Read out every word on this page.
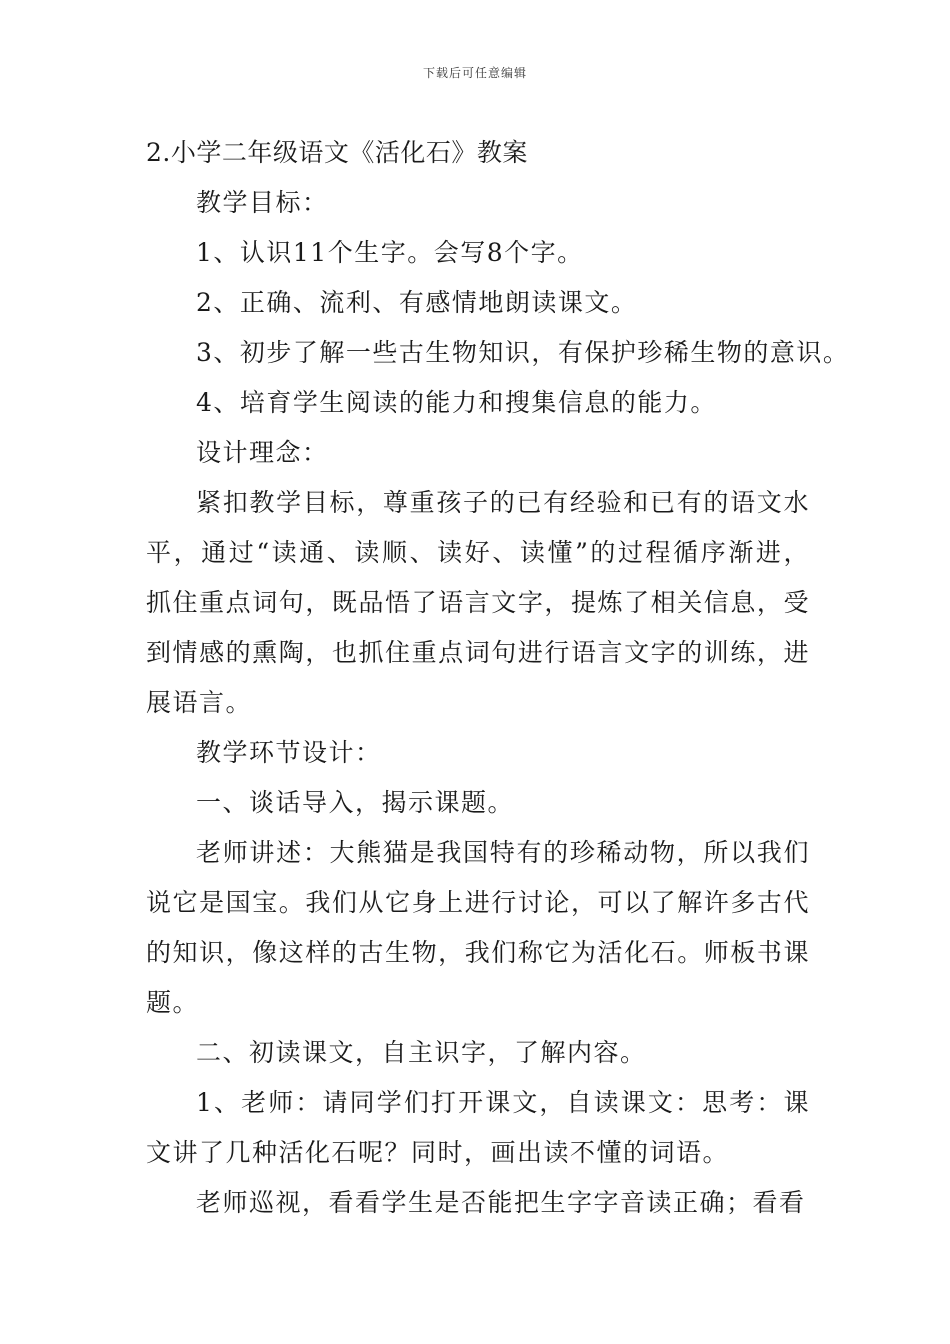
下载后可任意编辑

2.小学二年级语文《活化石》教案

教学目标：

1、认识11个生字。会写8个字。

2、正确、流利、有感情地朗读课文。

3、初步了解一些古生物知识，有保护珍稀生物的意识。

4、培育学生阅读的能力和搜集信息的能力。

设计理念：

紧扣教学目标，尊重孩子的已有经验和已有的语文水平，通过“读通、读顺、读好、读懂”的过程循序渐进，抓住重点词句，既品悟了语言文字，提炼了相关信息，受到情感的熏陶，也抓住重点词句进行语言文字的训练，进展语言。

教学环节设计：

一、谈话导入，揭示课题。

老师讲述：大熊猫是我国特有的珍稀动物，所以我们说它是国宝。我们从它身上进行讨论，可以了解许多古代的知识，像这样的古生物，我们称它为活化石。师板书课题。

二、初读课文，自主识字，了解内容。

1、老师：请同学们打开课文，自读课文：思考：课文讲了几种活化石呢？同时，画出读不懂的词语。

老师巡视，看看学生是否能把生字字音读正确；看看
